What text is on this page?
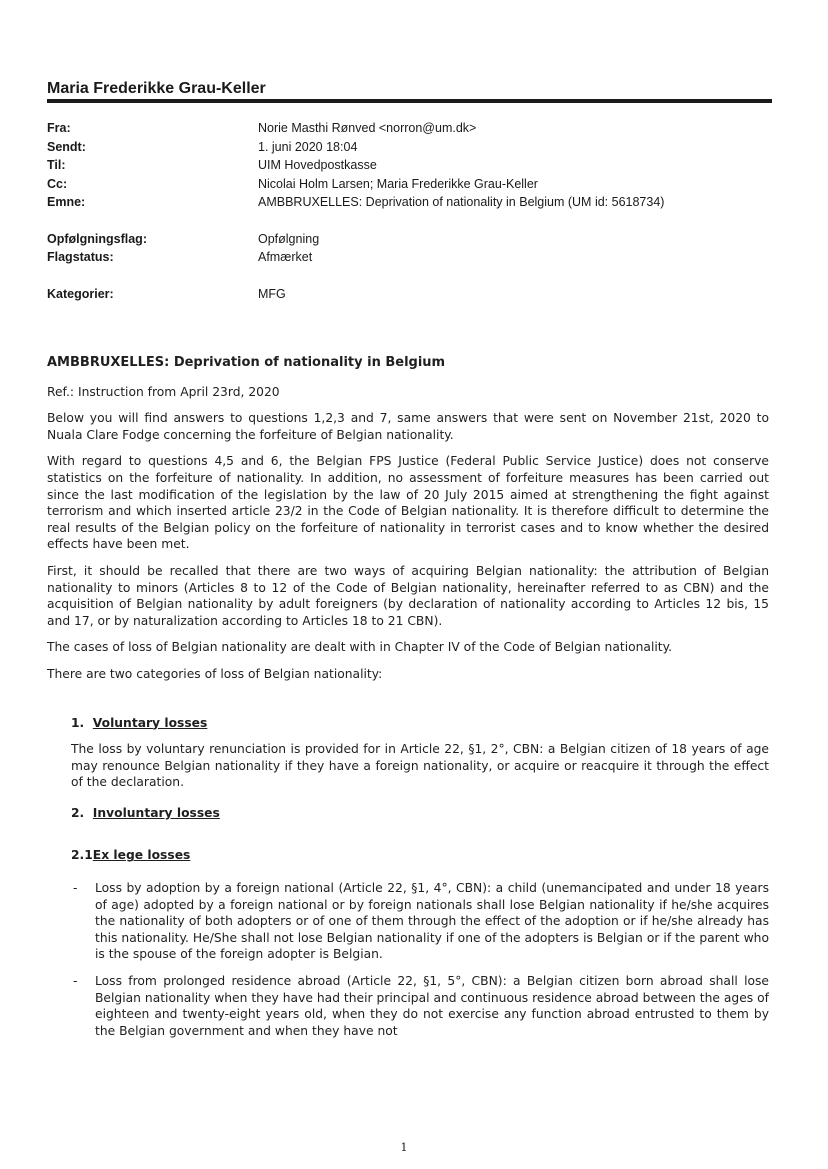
Maria Frederikke Grau-Keller
Fra:	Norie Masthi Rønved <norron@um.dk>
Sendt:	1. juni 2020 18:04
Til:	UIM Hovedpostkasse
Cc:	Nicolai Holm Larsen; Maria Frederikke Grau-Keller
Emne:	AMBBRUXELLES: Deprivation of nationality in Belgium (UM id: 5618734)
Opfølgningsflag:	Opfølgning
Flagstatus:	Afmærket
Kategorier:	MFG

AMBBRUXELLES: Deprivation of nationality in Belgium

Ref.: Instruction from April 23rd, 2020

Below you will find answers to questions 1,2,3 and 7, same answers that were sent on November 21st, 2020 to Nuala Clare Fodge concerning the forfeiture of Belgian nationality.

With regard to questions 4,5 and 6, the Belgian FPS Justice (Federal Public Service Justice) does not conserve statistics on the forfeiture of nationality. In addition, no assessment of forfeiture measures has been carried out since the last modification of the legislation by the law of 20 July 2015 aimed at strengthening the fight against terrorism and which inserted article 23/2 in the Code of Belgian nationality. It is therefore difficult to determine the real results of the Belgian policy on the forfeiture of nationality in terrorist cases and to know whether the desired effects have been met.

First, it should be recalled that there are two ways of acquiring Belgian nationality: the attribution of Belgian nationality to minors (Articles 8 to 12 of the Code of Belgian nationality, hereinafter referred to as CBN) and the acquisition of Belgian nationality by adult foreigners (by declaration of nationality according to Articles 12 bis, 15 and 17, or by naturalization according to Articles 18 to 21 CBN).

The cases of loss of Belgian nationality are dealt with in Chapter IV of the Code of Belgian nationality.

There are two categories of loss of Belgian nationality:

1. Voluntary losses

The loss by voluntary renunciation is provided for in Article 22, §1, 2°, CBN: a Belgian citizen of 18 years of age may renounce Belgian nationality if they have a foreign nationality, or acquire or reacquire it through the effect of the declaration.

2. Involuntary losses

2.1Ex lege losses

- Loss by adoption by a foreign national (Article 22, §1, 4°, CBN): a child (unemancipated and under 18 years of age) adopted by a foreign national or by foreign nationals shall lose Belgian nationality if he/she acquires the nationality of both adopters or of one of them through the effect of the adoption or if he/she already has this nationality. He/She shall not lose Belgian nationality if one of the adopters is Belgian or if the parent who is the spouse of the foreign adopter is Belgian.
- Loss from prolonged residence abroad (Article 22, §1, 5°, CBN): a Belgian citizen born abroad shall lose Belgian nationality when they have had their principal and continuous residence abroad between the ages of eighteen and twenty-eight years old, when they do not exercise any function abroad entrusted to them by the Belgian government and when they have not
1
